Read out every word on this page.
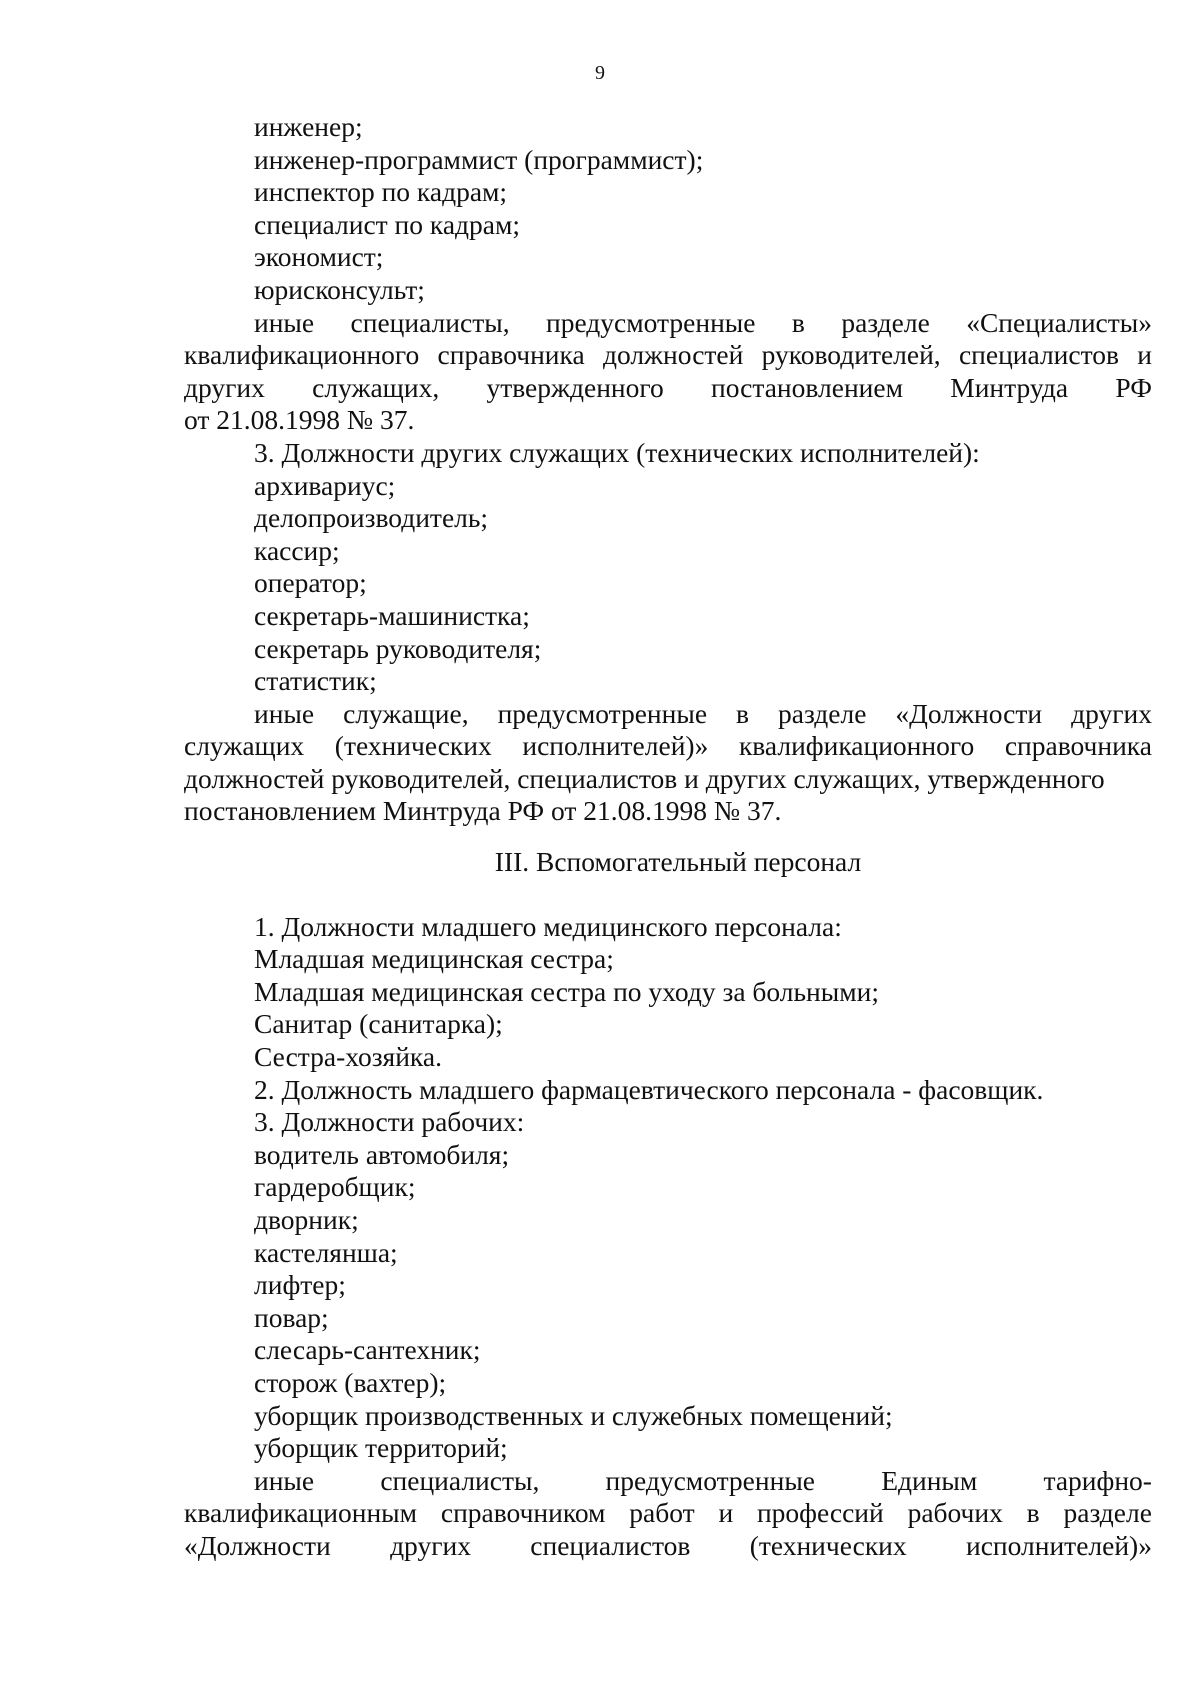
9
инженер;
инженер-программист (программист);
инспектор по кадрам;
специалист по кадрам;
экономист;
юрисконсульт;
иные специалисты, предусмотренные в разделе «Специалисты»
квалификационного справочника должностей руководителей, специалистов и
других служащих, утвержденного постановлением Минтруда РФ
от 21.08.1998 № 37.
3. Должности других служащих (технических исполнителей):
архивариус;
делопроизводитель;
кассир;
оператор;
секретарь-машинистка;
секретарь руководителя;
статистик;
иные служащие, предусмотренные в разделе «Должности других
служащих (технических исполнителей)» квалификационного справочника
должностей руководителей, специалистов и других служащих, утвержденного
постановлением Минтруда РФ от 21.08.1998 № 37.
III. Вспомогательный персонал
1. Должности младшего медицинского персонала:
Младшая медицинская сестра;
Младшая медицинская сестра по уходу за больными;
Санитар (санитарка);
Сестра-хозяйка.
2. Должность младшего фармацевтического персонала - фасовщик.
3. Должности рабочих:
водитель автомобиля;
гардеробщик;
дворник;
кастелянша;
лифтер;
повар;
слесарь-сантехник;
сторож (вахтер);
уборщик производственных и служебных помещений;
уборщик территорий;
иные специалисты, предусмотренные Единым тарифно-
квалификационным справочником работ и профессий рабочих в разделе
«Должности других специалистов (технических исполнителей)»
